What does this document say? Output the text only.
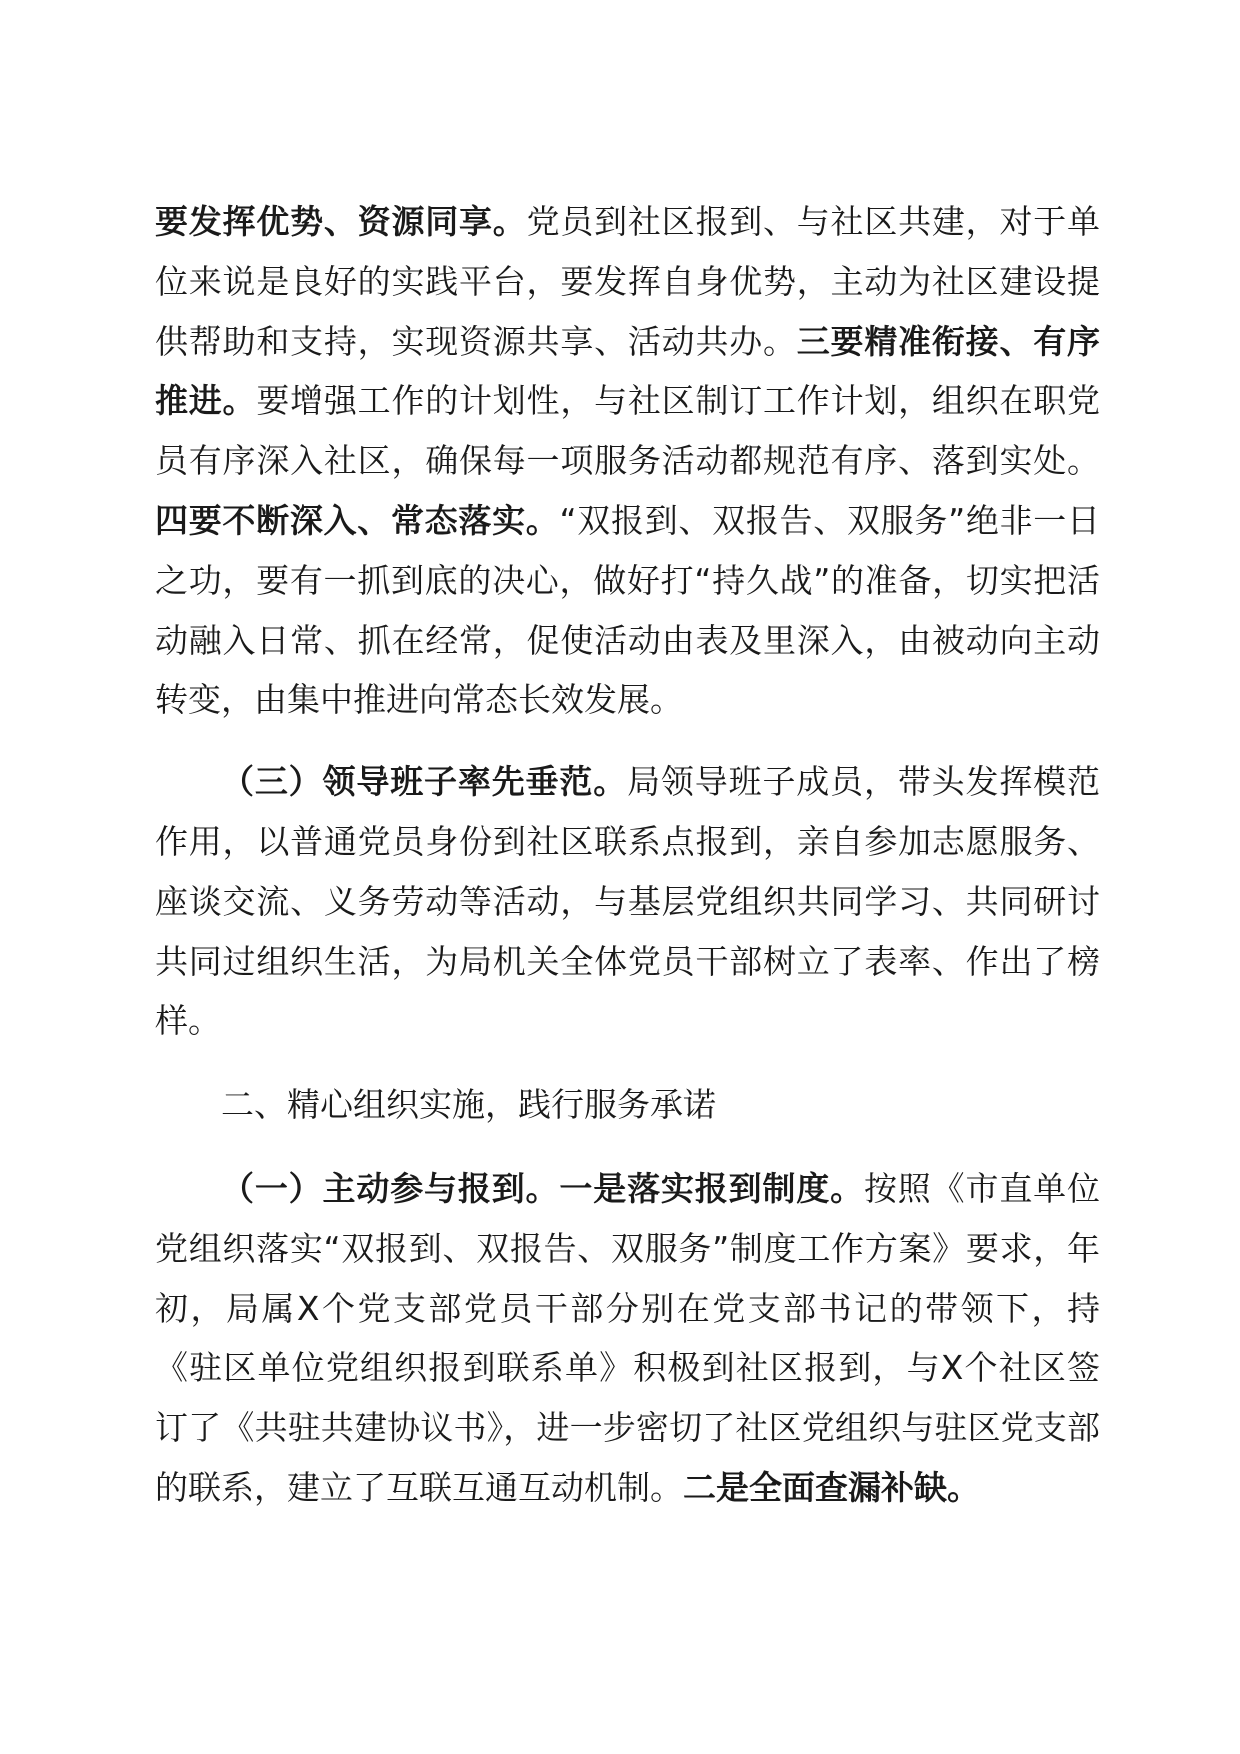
要发挥优势、资源同享。党员到社区报到、与社区共建，对于单位来说是良好的实践平台，要发挥自身优势，主动为社区建设提供帮助和支持，实现资源共享、活动共办。三要精准衔接、有序推进。要增强工作的计划性，与社区制订工作计划，组织在职党员有序深入社区，确保每一项服务活动都规范有序、落到实处。四要不断深入、常态落实。“双报到、双报告、双服务”绝非一日之功，要有一抓到底的决心，做好打“持久战”的准备，切实把活动融入日常、抓在经常，促使活动由表及里深入，由被动向主动转变，由集中推进向常态长效发展。

（三）领导班子率先垂范。局领导班子成员，带头发挥模范作用，以普通党员身份到社区联系点报到，亲自参加志愿服务、座谈交流、义务劳动等活动，与基层党组织共同学习、共同研讨共同过组织生活，为局机关全体党员干部树立了表率、作出了榜样。

二、精心组织实施，践行服务承诺

（一）主动参与报到。一是落实报到制度。按照《市直单位党组织落实“双报到、双报告、双服务”制度工作方案》要求，年初，局属X个党支部党员干部分别在党支部书记的带领下，持《驻区单位党组织报到联系单》积极到社区报到，与X个社区签订了《共驻共建协议书》，进一步密切了社区党组织与驻区党支部的联系，建立了互联互通互动机制。二是全面查漏补缺。
